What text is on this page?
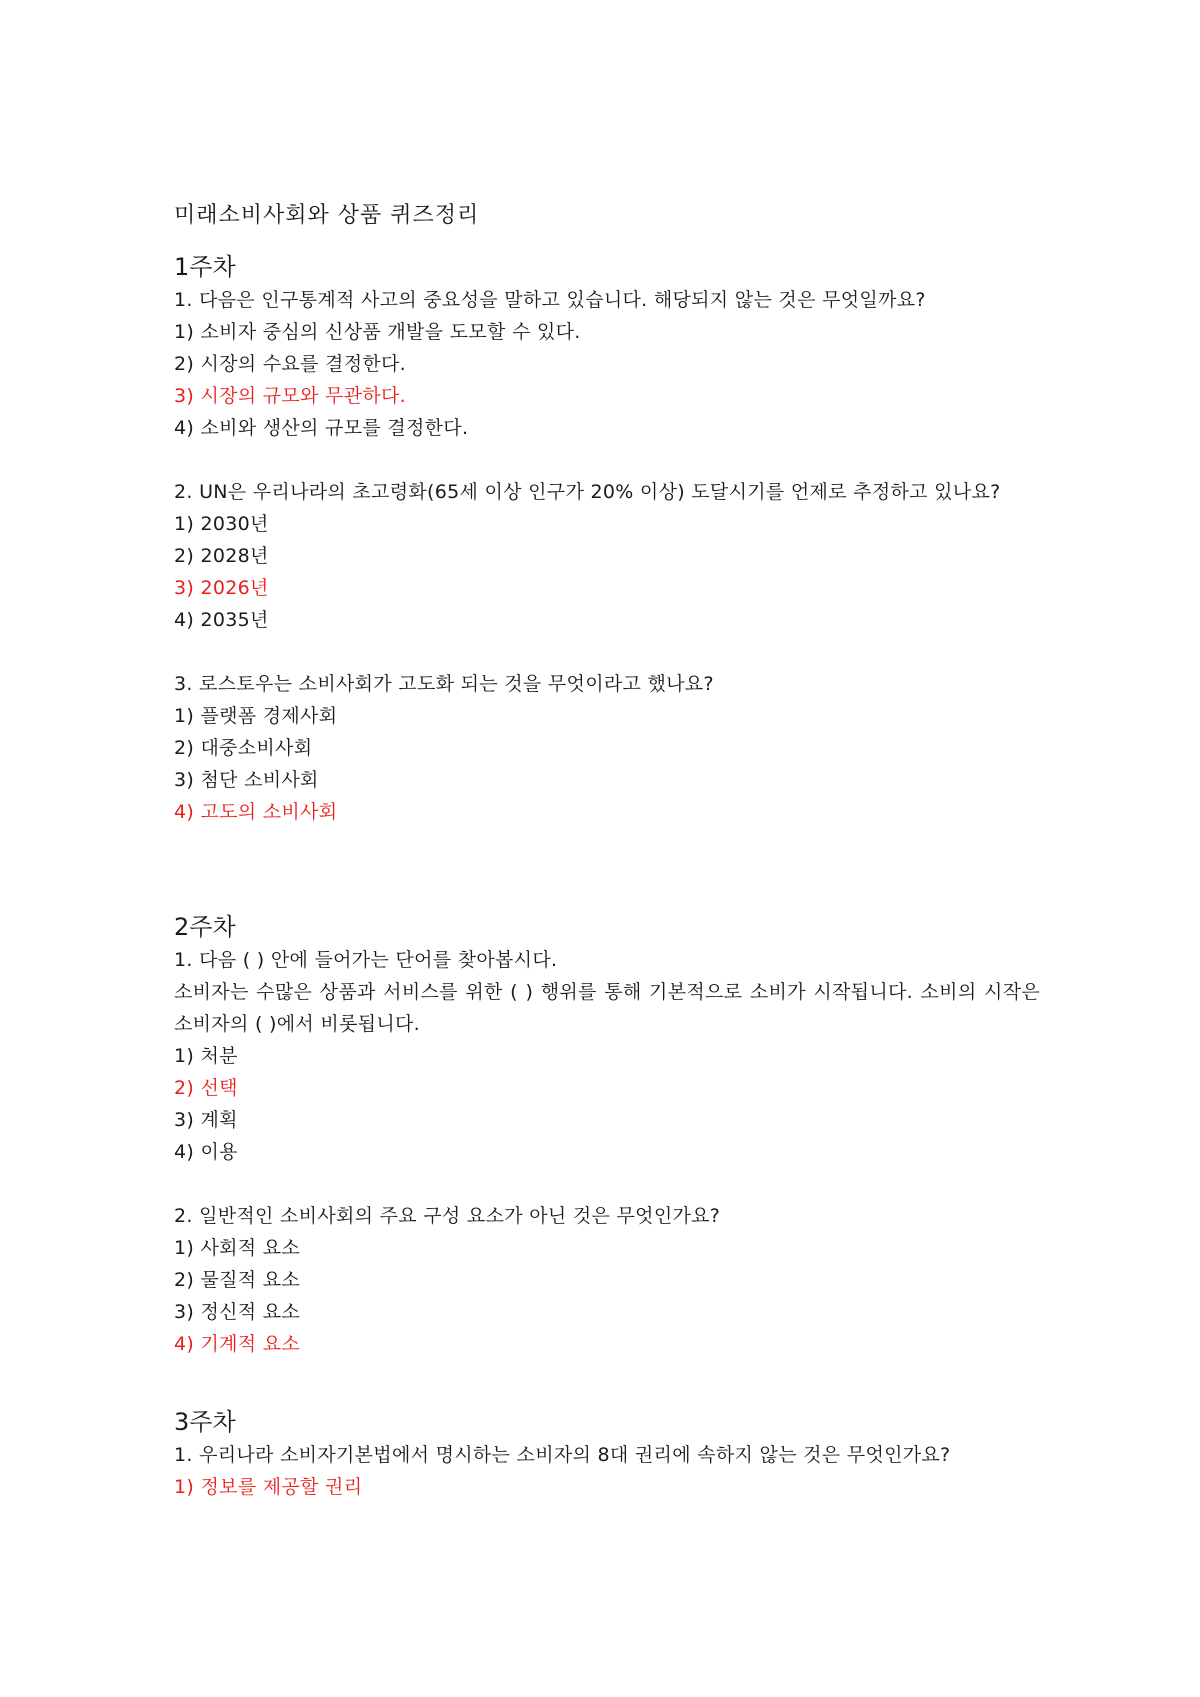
미래소비사회와 상품 퀴즈정리
1주차

1. 다음은 인구통계적 사고의 중요성을 말하고 있습니다. 해당되지 않는 것은 무엇일까요?

1) 소비자 중심의 신상품 개발을 도모할 수 있다.

2) 시장의 수요를 결정한다.

3) 시장의 규모와 무관하다.

4) 소비와 생산의 규모를 결정한다.

2. UN은 우리나라의 초고령화(65세 이상 인구가 20% 이상) 도달시기를 언제로 추정하고 있나요?

1) 2030년

2) 2028년

3) 2026년

4) 2035년

3. 로스토우는 소비사회가 고도화 되는 것을 무엇이라고 했나요?

1) 플랫폼 경제사회

2) 대중소비사회

3) 첨단 소비사회

4) 고도의 소비사회

2주차

1. 다음 ( ) 안에 들어가는 단어를 찾아봅시다.

소비자는 수많은 상품과 서비스를 위한 ( ) 행위를 통해 기본적으로 소비가 시작됩니다. 소비의 시작은 소비자의 ( )에서 비롯됩니다.

1) 처분

2) 선택

3) 계획

4) 이용

2. 일반적인 소비사회의 주요 구성 요소가 아닌 것은 무엇인가요?

1) 사회적 요소

2) 물질적 요소

3) 정신적 요소

4) 기계적 요소

3주차

1. 우리나라 소비자기본법에서 명시하는 소비자의 8대 권리에 속하지 않는 것은 무엇인가요?

1) 정보를 제공할 권리
